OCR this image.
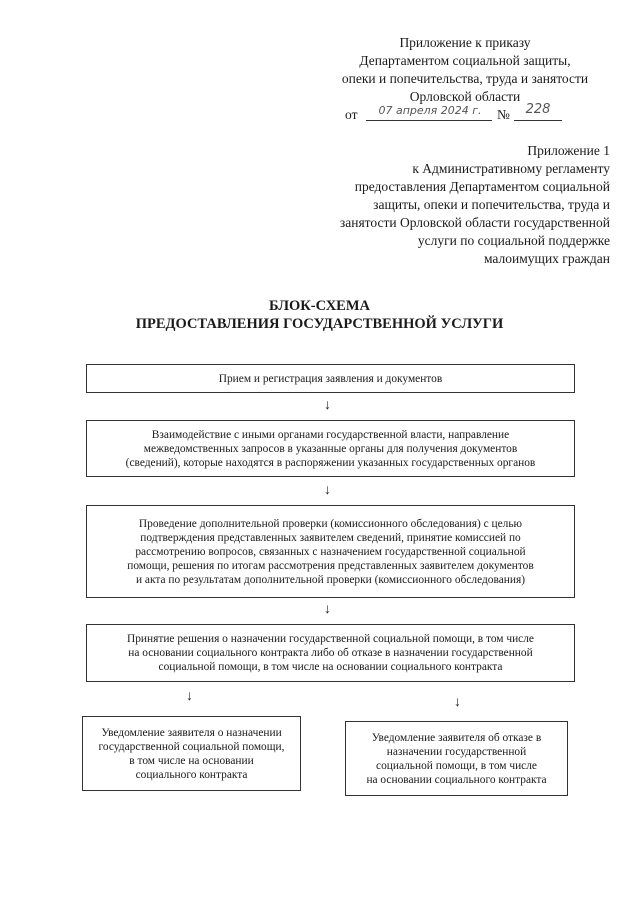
Приложение к приказу
Департаментом социальной защиты,
опеки и попечительства, труда и занятости
Орловской области
от	07 апреля 2024 г.	№	228
Приложение 1
к Административному регламенту
предоставления Департаментом социальной
защиты, опеки и попечительства, труда и
занятости Орловской области государственной
услуги по социальной поддержке
малоимущих граждан
БЛОК-СХЕМА
ПРЕДОСТАВЛЕНИЯ ГОСУДАРСТВЕННОЙ УСЛУГИ
Прием и регистрация заявления и документов
↓
Взаимодействие с иными органами государственной власти, направление
межведомственных запросов в указанные органы для получения документов
(сведений), которые находятся в распоряжении указанных государственных органов
↓
Проведение дополнительной проверки (комиссионного обследования) с целью
подтверждения представленных заявителем сведений, принятие комиссией по
рассмотрению вопросов, связанных с назначением государственной социальной
помощи, решения по итогам рассмотрения представленных заявителем документов
и акта по результатам дополнительной проверки (комиссионного обследования)
↓
Принятие решения о назначении государственной социальной помощи, в том числе
на основании социального контракта либо об отказе в назначении государственной
социальной помощи, в том числе на основании социального контракта
↓	↓
Уведомление заявителя о назначении
государственной социальной помощи,
в том числе на основании
социального контракта
Уведомление заявителя об отказе в
назначении государственной
социальной помощи, в том числе
на основании социального контракта
